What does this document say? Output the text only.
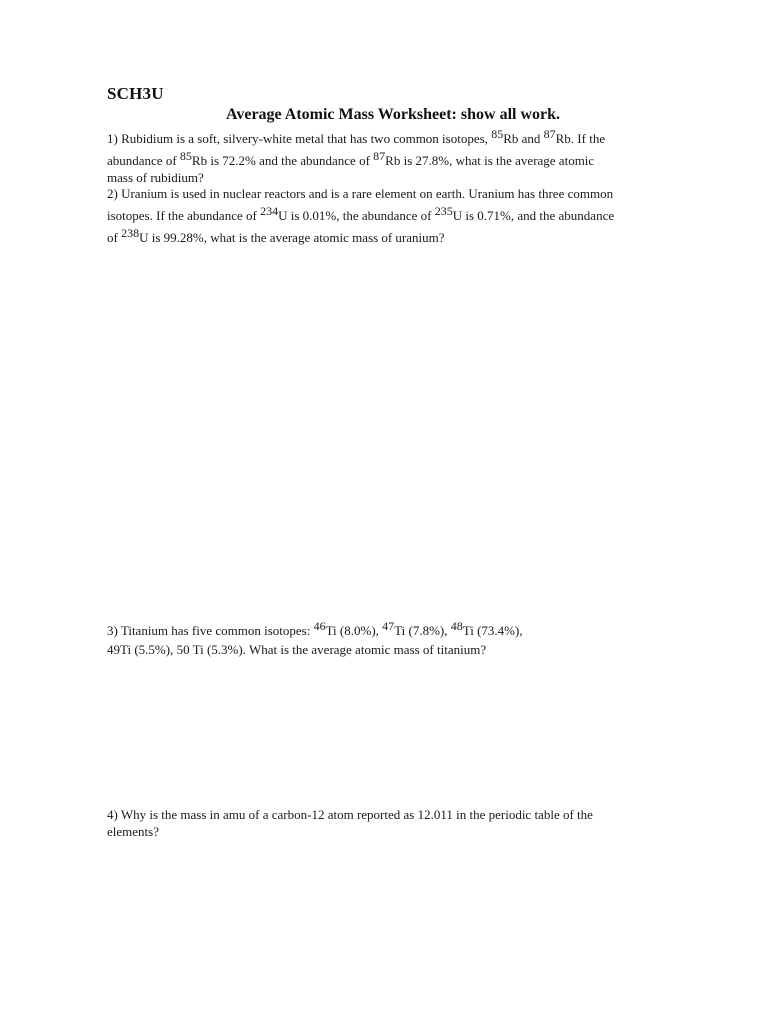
SCH3U
Average Atomic Mass Worksheet: show all work.
1) Rubidium is a soft, silvery-white metal that has two common isotopes, $^{85}$Rb and $^{87}$Rb. If the
abundance of $^{85}$Rb is 72.2% and the abundance of $^{87}$Rb is 27.8%, what is the average atomic
mass of rubidium?
2) Uranium is used in nuclear reactors and is a rare element on earth. Uranium has three common
isotopes. If the abundance of $^{234}$U is 0.01%, the abundance of $^{235}$U is 0.71%, and the abundance
of $^{238}$U is 99.28%, what is the average atomic mass of uranium?
3) Titanium has five common isotopes: $^{46}$Ti (8.0%), $^{47}$Ti (7.8%), $^{48}$Ti (73.4%),
49Ti (5.5%), 50 Ti (5.3%). What is the average atomic mass of titanium?
4) Why is the mass in amu of a carbon-12 atom reported as 12.011 in the periodic table of the
elements?
